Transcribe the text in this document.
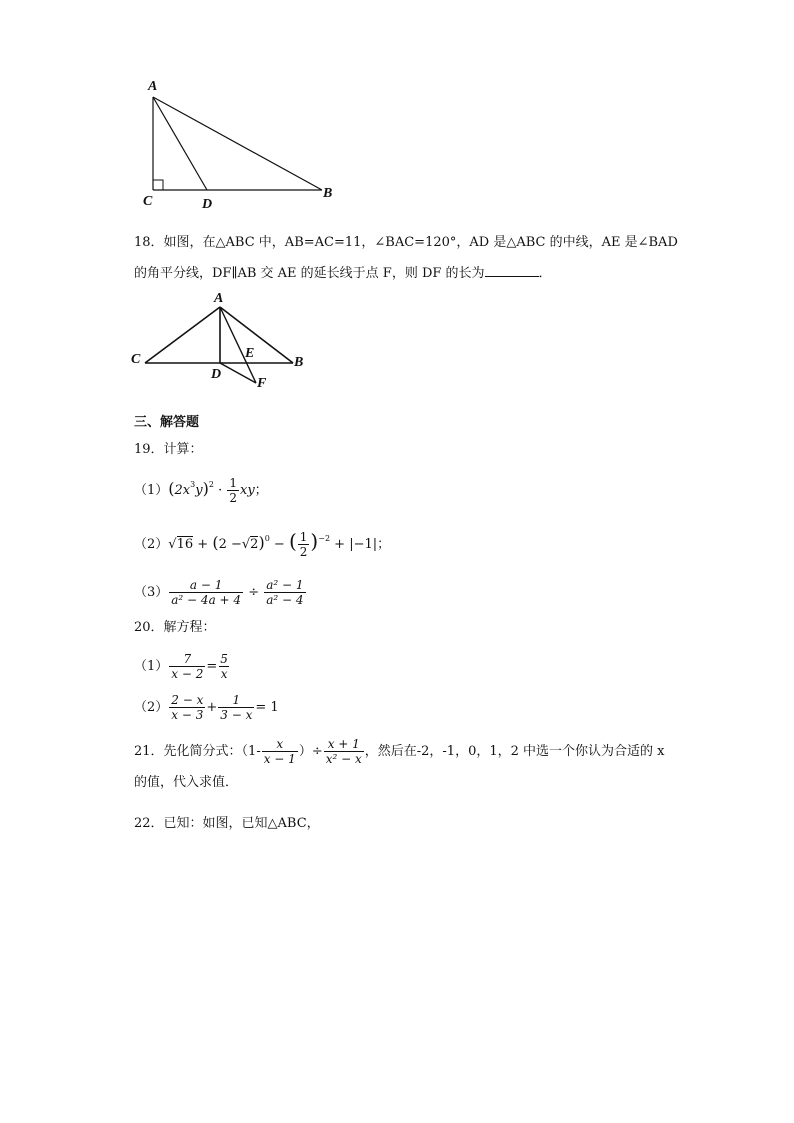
A
C	D
B
18．如图，在△ABC 中，AB=AC=11，∠BAC=120°，AD 是△ABC 的中线，AE 是∠BAD
的角平分线，DF∥AB 交 AE 的延长线于点 F，则 DF 的长为	．
A
C	B
E
D
F
三、解答题
19．计算：
$(1)(2x^3y)^2 \cdot \frac{1}{2}$ xy；
$(2)√16 + (2 -√2)^0$ − ( $\frac{1}{2} )^{-2} + |-1|$；
$(3) \frac{a - 1}{\text{a² − 4a + 4}} \div \frac{\text{a² − 1}}{\text{a² − 4}}$
20．解方程：
$(1) \frac{7}{x - 2} = \frac{5}{x}$
$(2) \frac{2 - x}{x - 3} + \frac{1}{3 - x} = 1$
21．先化简分式：（$1- \frac{x}{x - 1}$ ）÷ $\frac{x + 1}{\text{x² − x}}$ ，然后在-2，-1，0，1，2 中选一个你认为合适的 x
的值，代入求值．
22．已知：如图，已知△ABC，
